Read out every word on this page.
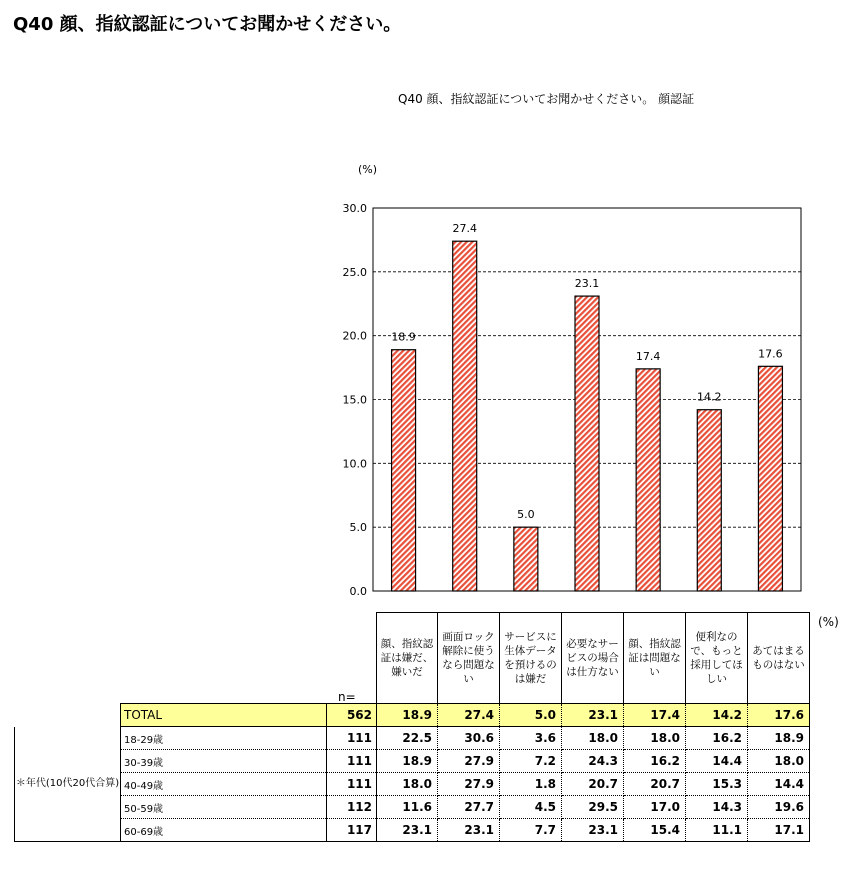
Q40 顔、指紋認証についてお聞かせください。
Q40 顔、指紋認証についてお聞かせください。 顔認証
(%)
18.9
27.4
5.0
23.1
17.4
14.2
17.6
0.0
5.0
10.0
15.0
20.0
25.0
30.0
(%)
n=
			顔、指紋認証は嫌だ、嫌いだ	画面ロック解除に使うなら問題ない	サービスに生体データを預けるのは嫌だ	必要なサービスの場合は仕方ない	顔、指紋認証は問題ない	便利なので、もっと採用してほしい	あてはまるものはない
	TOTAL	562	18.9	27.4	5.0	23.1	17.4	14.2	17.6
＊年代(10代20代合算)	18-29歳	111	22.5	30.6	3.6	18.0	18.0	16.2	18.9
	30-39歳	111	18.9	27.9	7.2	24.3	16.2	14.4	18.0
	40-49歳	111	18.0	27.9	1.8	20.7	20.7	15.3	14.4
	50-59歳	112	11.6	27.7	4.5	29.5	17.0	14.3	19.6
	60-69歳	117	23.1	23.1	7.7	23.1	15.4	11.1	17.1
